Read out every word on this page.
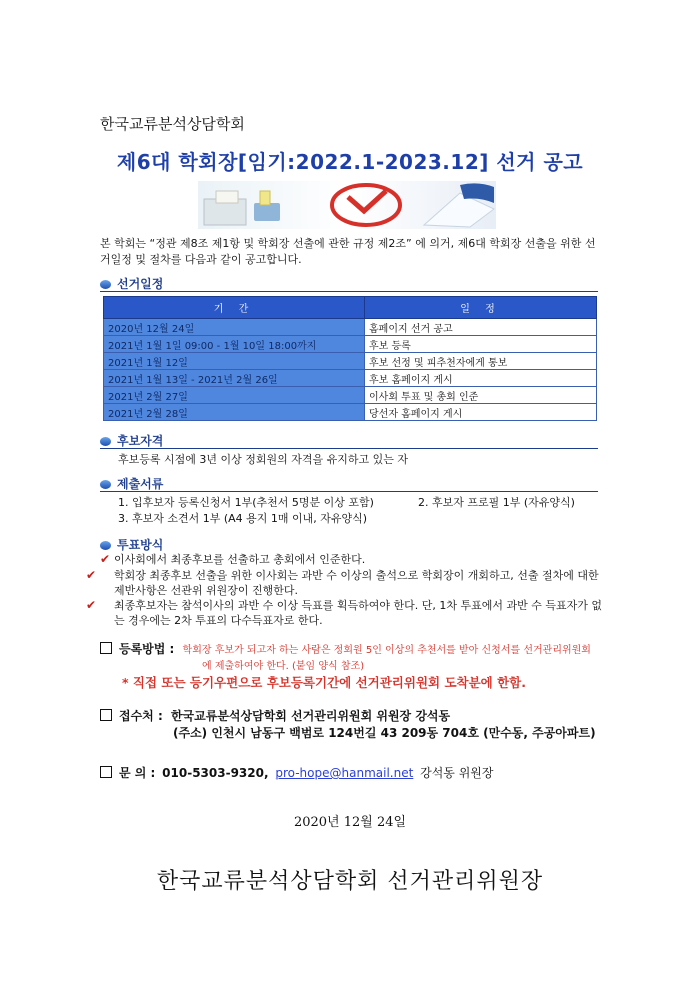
한국교류분석상담학회
제6대 학회장[임기:2022.1-2023.12] 선거 공고
본 학회는 “정관 제8조 제1항 및 학회장 선출에 관한 규정 제2조” 에 의거, 제6대 학회장 선출을 위한 선거일정 및 절차를 다음과 같이 공고합니다.
선거일정
기 간	일 정
2020년 12월 24일	홈페이지 선거 공고
2021년 1월 1일 09:00 - 1월 10일 18:00까지	후보 등록
2021년 1월 12일	후보 선정 및 피추천자에게 통보
2021년 1월 13일 - 2021년 2월 26일	후보 홈페이지 게시
2021년 2월 27일	이사회 투표 및 총회 인준
2021년 2월 28일	당선자 홈페이지 게시
후보자격
후보등록 시점에 3년 이상 정회원의 자격을 유지하고 있는 자
제출서류
1. 입후보자 등록신청서 1부(추천서 5명분 이상 포함)	2. 후보자 프로필 1부 (자유양식)
3. 후보자 소견서 1부 (A4 용지 1매 이내, 자유양식)
투표방식
✔ 이사회에서 최종후보를 선출하고 총회에서 인준한다.
✔ 학회장 최종후보 선출을 위한 이사회는 과반 수 이상의 출석으로 학회장이 개회하고, 선출 절차에 대한 제반사항은 선관위 위원장이 진행한다.
✔ 최종후보자는 참석이사의 과반 수 이상 득표를 획득하여야 한다. 단, 1차 투표에서 과반 수 득표자가 없는 경우에는 2차 투표의 다수득표자로 한다.
등록방법 : 학회장 후보가 되고자 하는 사람은 정회원 5인 이상의 추천서를 받아 신청서를 선거관리위원회
에 제출하여야 한다. (붙임 양식 참조)
* 직접 또는 등기우편으로 후보등록기간에 선거관리위원회 도착분에 한함.
접수처 : 한국교류분석상담학회 선거관리위원회 위원장 강석동
(주소) 인천시 남동구 백범로 124번길 43 209동 704호 (만수동, 주공아파트)
문 의 : 010-5303-9320, pro-hope@hanmail.net 강석동 위원장
2020년 12월 24일
한국교류분석상담학회 선거관리위원장
